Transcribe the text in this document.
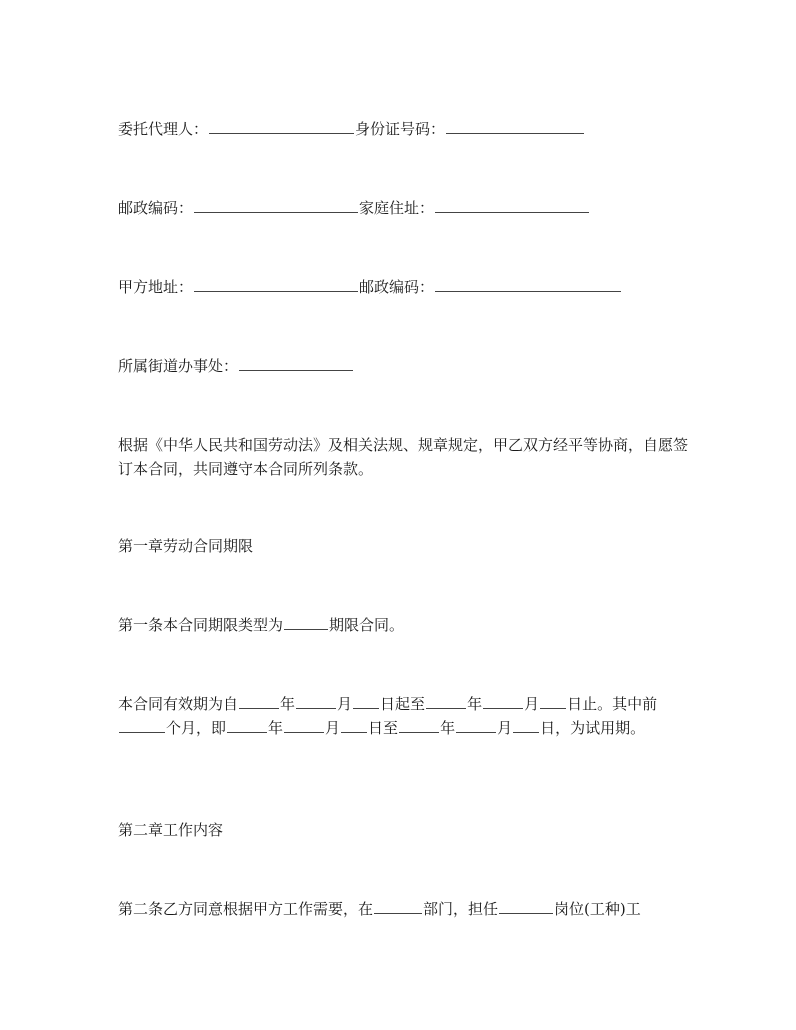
委托代理人：	身份证号码：
邮政编码：	家庭住址：
甲方地址：	邮政编码：
所属街道办事处：
根据《中华人民共和国劳动法》及相关法规、规章规定，甲乙双方经平等协商，自愿签订本合同，共同遵守本合同所列条款。
第一章劳动合同期限
第一条本合同期限类型为	期限合同。
本合同有效期为自	年	月 日起至	年	月 日止。其中前个月，即	年	月 日至	年	月 日，为试用期。
第二章工作内容
第二条乙方同意根据甲方工作需要，在	部门，担任	岗位(工种)工
